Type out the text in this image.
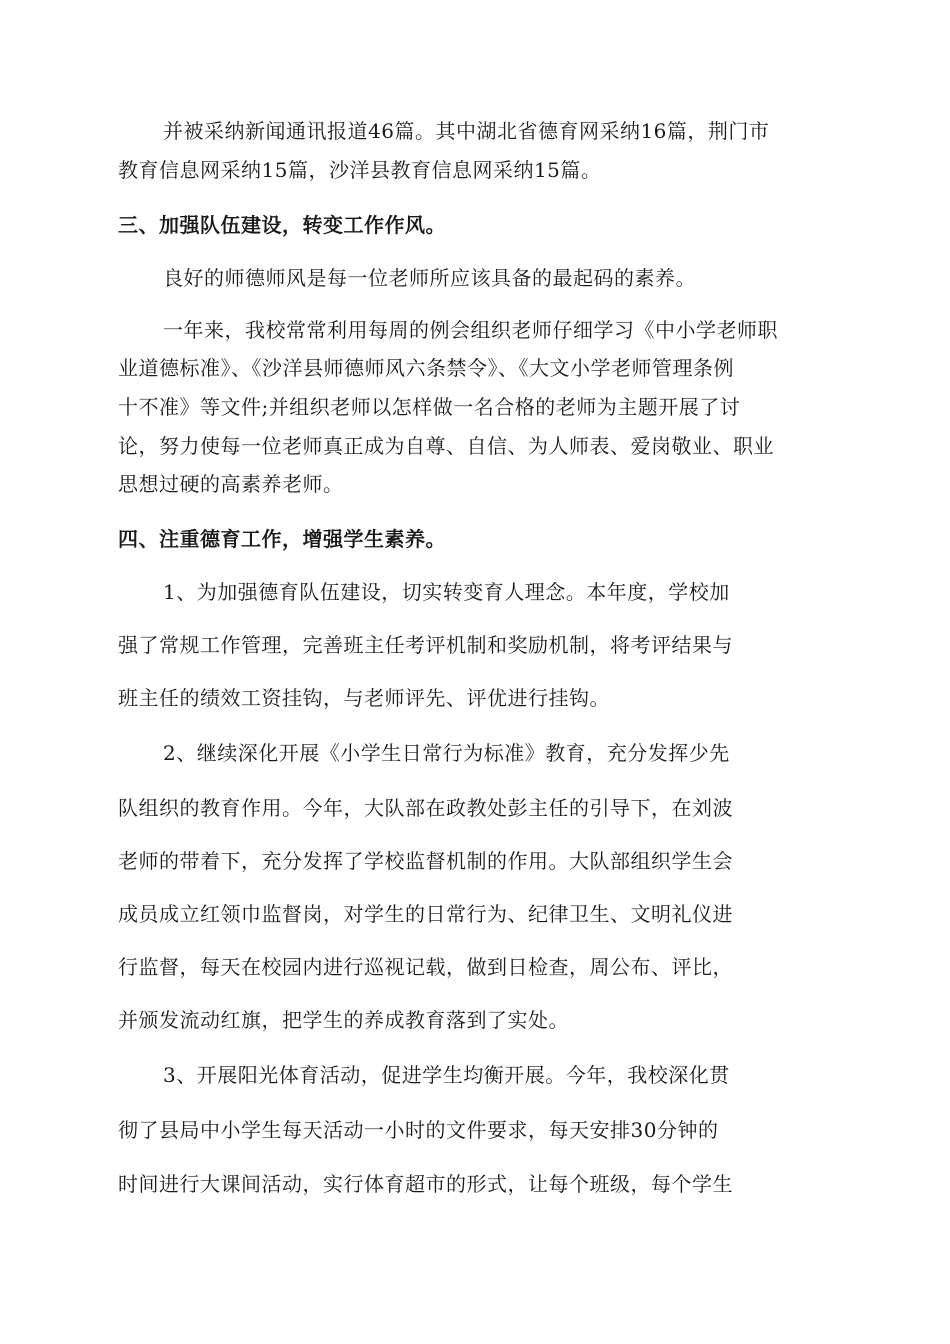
并被采纳新闻通讯报道46篇。其中湖北省德育网采纳16篇，荆门市
教育信息网采纳15篇，沙洋县教育信息网采纳15篇。
三、加强队伍建设，转变工作作风。
良好的师德师风是每一位老师所应该具备的最起码的素养。
一年来，我校常常利用每周的例会组织老师仔细学习《中小学老师职
业道德标准》、《沙洋县师德师风六条禁令》、《大文小学老师管理条例
十不准》等文件;并组织老师以怎样做一名合格的老师为主题开展了讨
论，努力使每一位老师真正成为自尊、自信、为人师表、爱岗敬业、职业
思想过硬的高素养老师。
四、注重德育工作，增强学生素养。
1、为加强德育队伍建设，切实转变育人理念。本年度，学校加
强了常规工作管理，完善班主任考评机制和奖励机制，将考评结果与
班主任的绩效工资挂钩，与老师评先、评优进行挂钩。
2、继续深化开展《小学生日常行为标准》教育，充分发挥少先
队组织的教育作用。今年，大队部在政教处彭主任的引导下，在刘波
老师的带着下，充分发挥了学校监督机制的作用。大队部组织学生会
成员成立红领巾监督岗，对学生的日常行为、纪律卫生、文明礼仪进
行监督，每天在校园内进行巡视记载，做到日检查，周公布、评比，
并颁发流动红旗，把学生的养成教育落到了实处。
3、开展阳光体育活动，促进学生均衡开展。今年，我校深化贯
彻了县局中小学生每天活动一小时的文件要求，每天安排30分钟的
时间进行大课间活动，实行体育超市的形式，让每个班级，每个学生
